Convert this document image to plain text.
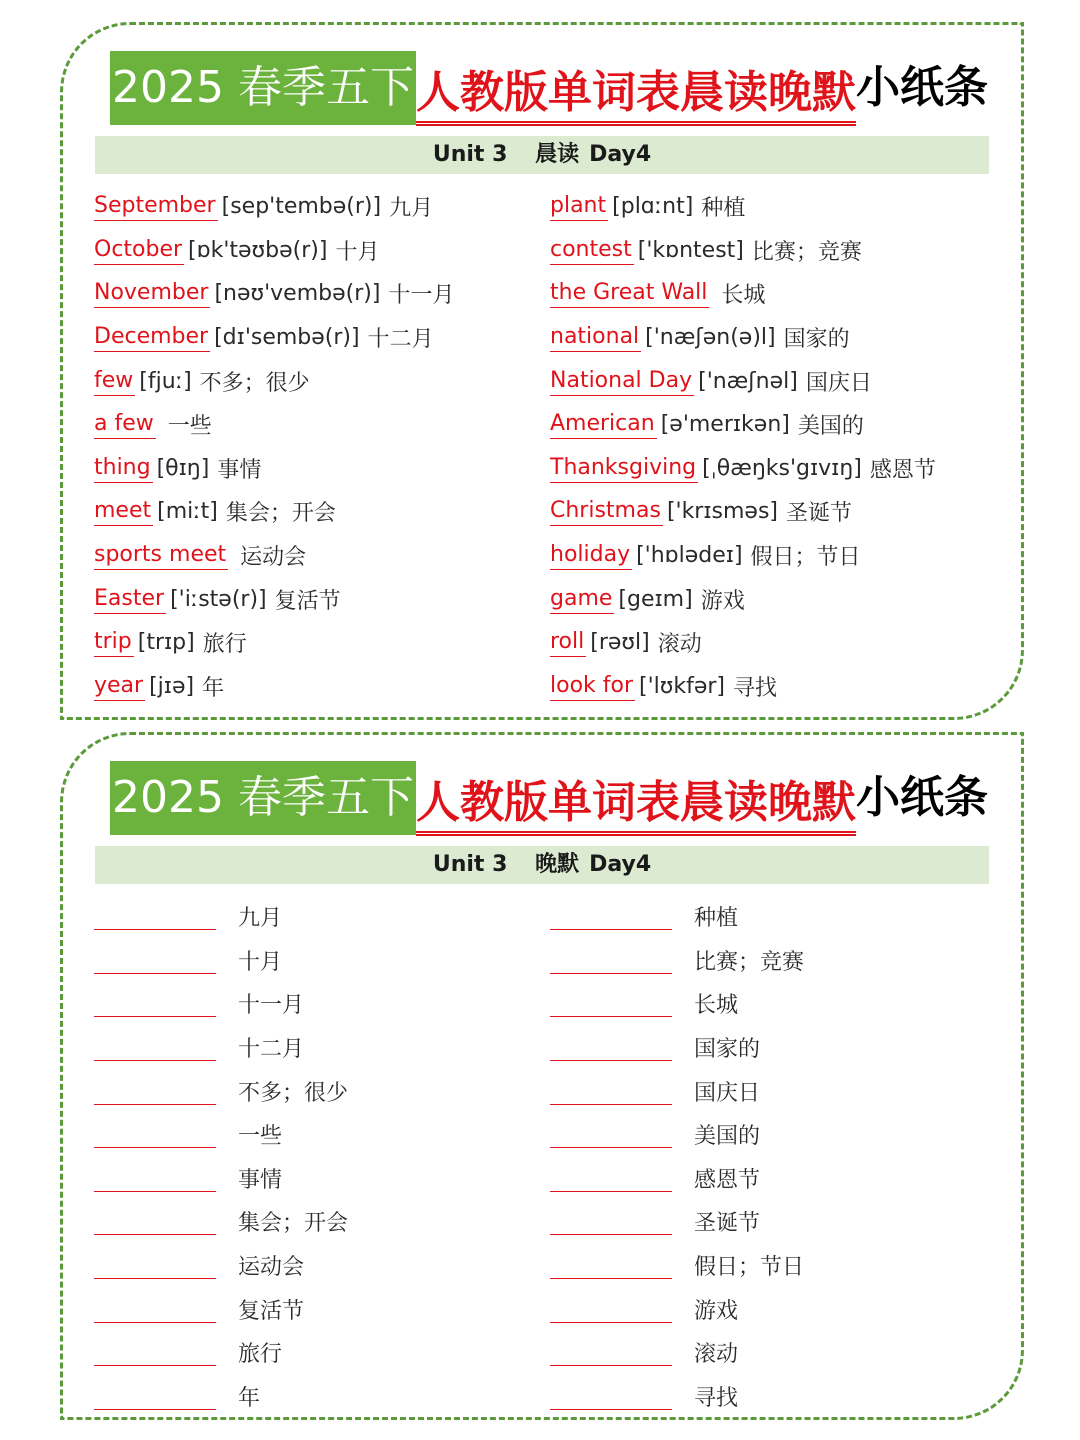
2025 春季五下 人教版单词表晨读晚默 小纸条
Unit 3 晨读 Day4
September [sep'tembə(r)] 九月
October [ɒk'təʊbə(r)] 十月
November [nəʊ'vembə(r)] 十一月
December [dɪ'sembə(r)] 十二月
few [fjuː] 不多；很少
a few 一些
thing [θɪŋ] 事情
meet [miːt] 集会；开会
sports meet 运动会
Easter ['iːstə(r)] 复活节
trip [trɪp] 旅行
year [jɪə] 年
plant [plɑːnt] 种植
contest ['kɒntest] 比赛；竞赛
the Great Wall 长城
national ['næʃən(ə)l] 国家的
National Day ['næʃnəl] 国庆日
American [ə'merɪkən] 美国的
Thanksgiving [ˌθæŋks'gɪvɪŋ] 感恩节
Christmas ['krɪsməs] 圣诞节
holiday ['hɒlədeɪ] 假日；节日
game [geɪm] 游戏
roll [rəʊl] 滚动
look for ['lʊkfər] 寻找
2025 春季五下 人教版单词表晨读晚默 小纸条
Unit 3 晚默 Day4
九月
十月
十一月
十二月
不多；很少
一些
事情
集会；开会
运动会
复活节
旅行
年
种植
比赛；竞赛
长城
国家的
国庆日
美国的
感恩节
圣诞节
假日；节日
游戏
滚动
寻找
